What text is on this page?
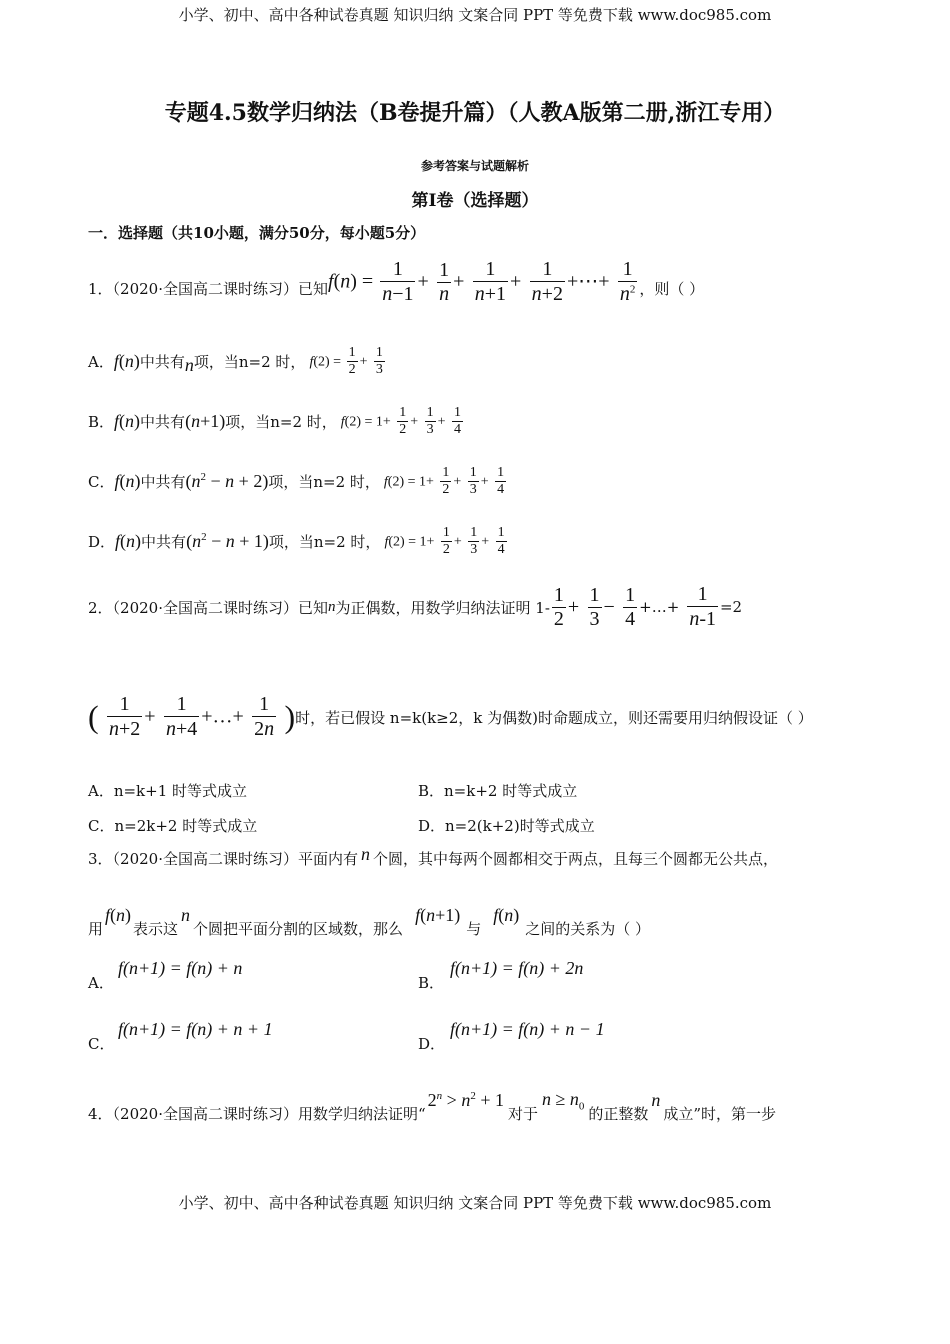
小学、初中、高中各种试卷真题 知识归纳 文案合同 PPT 等免费下载 www.doc985.com
专题4.5数学归纳法（B卷提升篇）（人教A版第二册,浙江专用）
参考答案与试题解析
第Ⅰ卷（选择题）
一．选择题（共10小题，满分50分，每小题5分）
1．（2020·全国高二课时练习）已知 $f(n) = \frac{1}{n-1} + \frac{1}{n} + \frac{1}{n+1} + \frac{1}{n+2}$ +⋯+ $\frac{1}{n^2}$ ，则（ ）
A． f(n) 中共有 n 项，当 n=2 时， $f(2) = \frac{1}{2} + \frac{1}{3}$
B． f(n) 中共有 (n+1) 项，当 n=2 时， $f(2) = 1+ \frac{1}{2} + \frac{1}{3} + \frac{1}{4}$
C． f(n) 中共有 $(n^2 - n + 2)$ 项，当 n=2 时， $f(2) = 1+ \frac{1}{2} + \frac{1}{3} + \frac{1}{4}$
D． f(n) 中共有 $(n^2 - n + 1)$ 项，当 n=2 时， $f(2) = 1+ \frac{1}{2} + \frac{1}{3} + \frac{1}{4}$
2．（2020·全国高二课时练习）已知 n 为正偶数，用数学归纳法证明 $1- \frac{1}{2} + \frac{1}{3} - \frac{1}{4}$ +…+ $\frac{1}{n-1} =2$
( $\frac{1}{n+2} + \frac{1}{n+4}$ +…+ $\frac{1}{2n}$ ) 时，若已假设 n=k(k≥2，k 为偶数)时命题成立，则还需要用归纳假设证（ ）
A．n=k+1 时等式成立	B．n=k+2 时等式成立
C．n=2k+2 时等式成立	D．n=2(k+2)时等式成立
3．（2020·全国高二课时练习）平面内有 n 个圆，其中每两个圆都相交于两点，且每三个圆都无公共点，
用
f(n)
表示这
n
个圆把平面分割的区域数，那么
f(n+1)
与
f(n)
之间的关系为（ ）
A．
f(n+1) = f(n) + n
B．
f(n+1) = f(n) + 2n
C．
f(n+1) = f(n) + n + 1
D．
f(n+1) = f(n) + n − 1
4．（2020·全国高二课时练习）用数学归纳法证明“
$2^n > n^2 + 1$
对于
$n \ge n_0$ 的正整数
n
成立”时，第一步
小学、初中、高中各种试卷真题 知识归纳 文案合同 PPT 等免费下载 www.doc985.com
